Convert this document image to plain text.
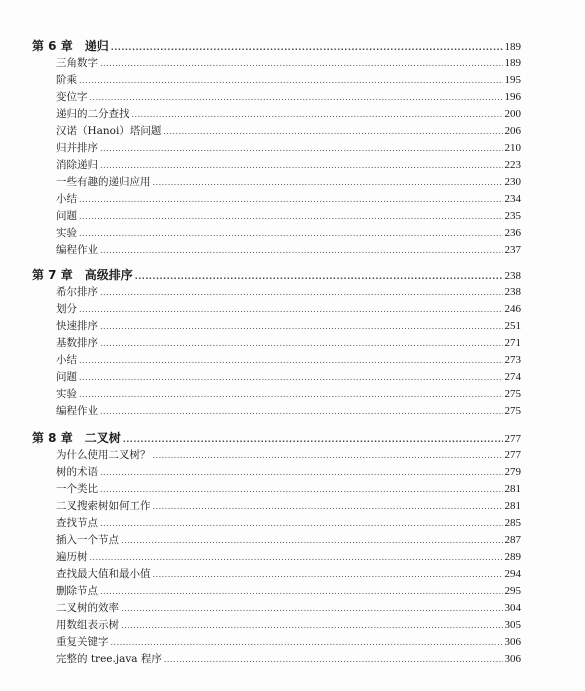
第 6 章　递归 .....	189
三角数字 .....	189
阶乘 .....	195
变位字 .....	196
递归的二分查找 .....	200
汉诺（Hanoi）塔问题 .....	206
归并排序 .....	210
消除递归 .....	223
一些有趣的递归应用 .....	230
小结 .....	234
问题 .....	235
实验 .....	236
编程作业 .....	237
第 7 章　高级排序 .....	238
希尔排序 .....	238
划分 .....	246
快速排序 .....	251
基数排序 .....	271
小结 .....	273
问题 .....	274
实验 .....	275
编程作业 .....	275
第 8 章　二叉树 .....	277
为什么使用二叉树？ .....	277
树的术语 .....	279
一个类比 .....	281
二叉搜索树如何工作 .....	281
查找节点 .....	285
插入一个节点 .....	287
遍历树 .....	289
查找最大值和最小值 .....	294
删除节点 .....	295
二叉树的效率 .....	304
用数组表示树 .....	305
重复关键字 .....	306
完整的 tree.java 程序 .....	306
